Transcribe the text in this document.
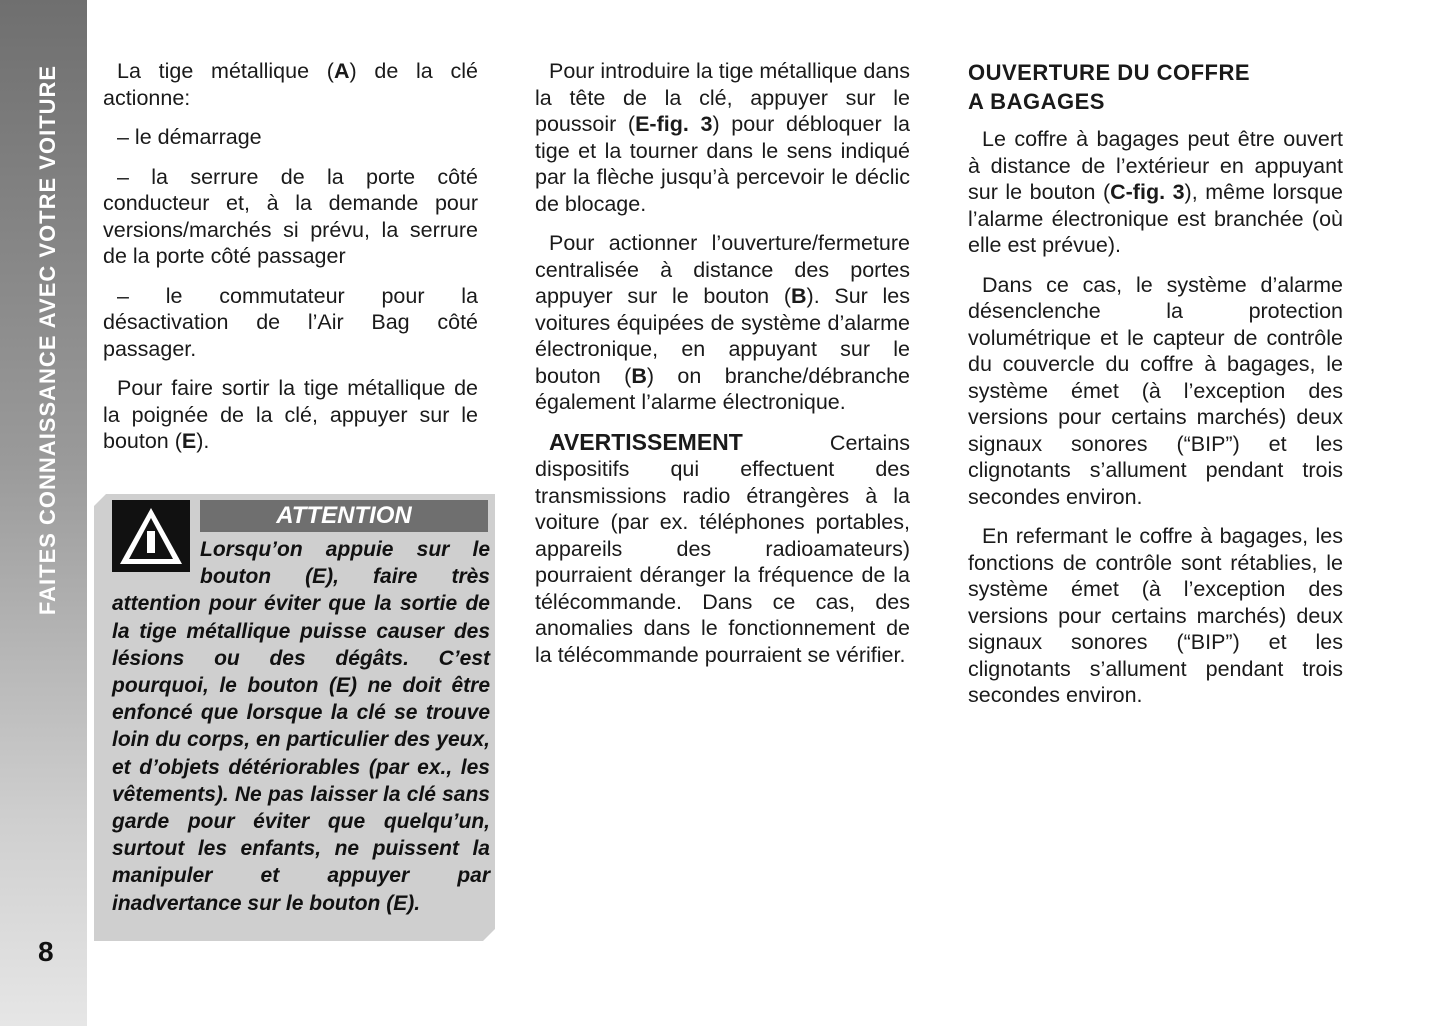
FAITES CONNAISSANCE AVEC VOTRE VOITURE
8

La tige métallique (A) de la clé actionne:

– le démarrage

– la serrure de la porte côté conducteur et, à la demande pour versions/marchés si prévu, la serrure de la porte côté passager

– le commutateur pour la désactivation de l’Air Bag côté passager.

Pour faire sortir la tige métallique de la poignée de la clé, appuyer sur le bouton (E).

ATTENTION
Lorsqu’on appuie sur le bouton (E), faire très attention pour éviter que la sortie de la tige métallique puisse causer des lésions ou des dégâts. C’est pourquoi, le bouton (E) ne doit être enfoncé que lorsque la clé se trouve loin du corps, en particulier des yeux, et d’objets détériorables (par ex., les vêtements). Ne pas laisser la clé sans garde pour éviter que quelqu’un, surtout les enfants, ne puissent la manipuler et appuyer par inadvertance sur le bouton (E).

Pour introduire la tige métallique dans la tête de la clé, appuyer sur le poussoir (E-fig. 3) pour débloquer la tige et la tourner dans le sens indiqué par la flèche jusqu’à percevoir le déclic de blocage.

Pour actionner l’ouverture/fermeture centralisée à distance des portes appuyer sur le bouton (B). Sur les voitures équipées de système d’alarme électronique, en appuyant sur le bouton (B) on branche/débranche également l’alarme électronique.

AVERTISSEMENT Certains dispositifs qui effectuent des transmissions radio étrangères à la voiture (par ex. téléphones portables, appareils des radioamateurs) pourraient déranger la fréquence de la télécommande. Dans ce cas, des anomalies dans le fonctionnement de la télécommande pourraient se vérifier.

OUVERTURE DU COFFRE
A BAGAGES

Le coffre à bagages peut être ouvert à distance de l’extérieur en appuyant sur le bouton (C-fig. 3), même lorsque l’alarme électronique est branchée (où elle est prévue).

Dans ce cas, le système d’alarme désenclenche la protection volumétrique et le capteur de contrôle du couvercle du coffre à bagages, le système émet (à l’exception des versions pour certains marchés) deux signaux sonores (“BIP”) et les clignotants s’allument pendant trois secondes environ.

En refermant le coffre à bagages, les fonctions de contrôle sont rétablies, le système émet (à l’exception des versions pour certains marchés) deux signaux sonores (“BIP”) et les clignotants s’allument pendant trois secondes environ.
